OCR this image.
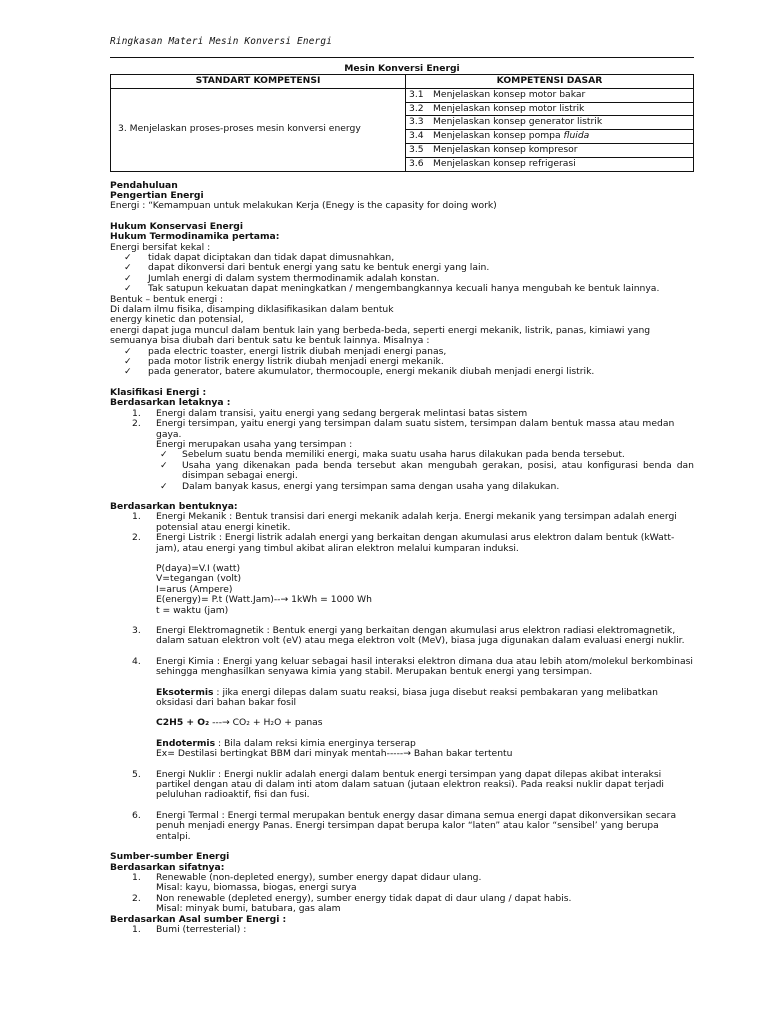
Ringkasan Materi Mesin Konversi Energi
Mesin Konversi Energi
STANDART KOMPETENSI	KOMPETENSI DASAR
3. Menjelaskan proses-proses mesin konversi energy	3.1 Menjelaskan konsep motor bakar
	3.2 Menjelaskan konsep motor listrik
	3.3 Menjelaskan konsep generator listrik
	3.4 Menjelaskan konsep pompa fluida
	3.5 Menjelaskan konsep kompresor
	3.6 Menjelaskan konsep refrigerasi
Pendahuluan
Pengertian Energi
Energi : “Kemampuan untuk melakukan Kerja (Enegy is the capasity for doing work)
Hukum Konservasi Energi
Hukum Termodinamika pertama:
Energi bersifat kekal :
✓ tidak dapat diciptakan dan tidak dapat dimusnahkan,
✓ dapat dikonversi dari bentuk energi yang satu ke bentuk energi yang lain.
✓ Jumlah energi di dalam system thermodinamik adalah konstan.
✓ Tak satupun kekuatan dapat meningkatkan / mengembangkannya kecuali hanya mengubah ke bentuk lainnya.
Bentuk – bentuk energi :
Di dalam ilmu fisika, disamping diklasifikasikan dalam bentuk
energy kinetic dan potensial,
energi dapat juga muncul dalam bentuk lain yang berbeda-beda, seperti energi mekanik, listrik, panas, kimiawi yang semuanya bisa diubah dari bentuk satu ke bentuk lainnya. Misalnya :
✓ pada electric toaster, energi listrik diubah menjadi energi panas,
✓ pada motor listrik energy listrik diubah menjadi energi mekanik.
✓ pada generator, batere akumulator, thermocouple, energi mekanik diubah menjadi energi listrik.
Klasifikasi Energi :
Berdasarkan letaknya :
1. Energi dalam transisi, yaitu energi yang sedang bergerak melintasi batas sistem
2. Energi tersimpan, yaitu energi yang tersimpan dalam suatu sistem, tersimpan dalam bentuk massa atau medan gaya.
Energi merupakan usaha yang tersimpan :
✓ Sebelum suatu benda memiliki energi, maka suatu usaha harus dilakukan pada benda tersebut.
✓ Usaha yang dikenakan pada benda tersebut akan mengubah gerakan, posisi, atau konfigurasi benda dan disimpan sebagai energi.
✓ Dalam banyak kasus, energi yang tersimpan sama dengan usaha yang dilakukan.
Berdasarkan bentuknya:
1. Energi Mekanik : Bentuk transisi dari energi mekanik adalah kerja. Energi mekanik yang tersimpan adalah energi potensial atau energi kinetik.
2. Energi Listrik : Energi listrik adalah energi yang berkaitan dengan akumulasi arus elektron dalam bentuk (kWatt-jam), atau energi yang timbul akibat aliran elektron melalui kumparan induksi.
P(daya)=V.I (watt)
V=tegangan (volt)
I=arus (Ampere)
E(energy)= P.t (Watt.Jam)--→ 1kWh = 1000 Wh
t = waktu (jam)
3. Energi Elektromagnetik : Bentuk energi yang berkaitan dengan akumulasi arus elektron radiasi elektromagnetik, dalam satuan elektron volt (eV) atau mega elektron volt (MeV), biasa juga digunakan dalam evaluasi energi nuklir.
4. Energi Kimia : Energi yang keluar sebagai hasil interaksi elektron dimana dua atau lebih atom/molekul berkombinasi sehingga menghasilkan senyawa kimia yang stabil. Merupakan bentuk energi yang tersimpan.
Eksotermis : jika energi dilepas dalam suatu reaksi, biasa juga disebut reaksi pembakaran yang melibatkan oksidasi dari bahan bakar fosil
C2H5 + O₂ ---→ CO₂ + H₂O + panas
Endotermis : Bila dalam reksi kimia energinya terserap
Ex= Destilasi bertingkat BBM dari minyak mentah-----→ Bahan bakar tertentu
5. Energi Nuklir : Energi nuklir adalah energi dalam bentuk energi tersimpan yang dapat dilepas akibat interaksi partikel dengan atau di dalam inti atom dalam satuan (jutaan elektron reaksi). Pada reaksi nuklir dapat terjadi peluluhan radioaktif, fisi dan fusi.
6. Energi Termal : Energi termal merupakan bentuk energy dasar dimana semua energi dapat dikonversikan secara penuh menjadi energy Panas. Energi tersimpan dapat berupa kalor “laten” atau kalor “sensibel’ yang berupa entalpi.
Sumber-sumber Energi
Berdasarkan sifatnya:
1. Renewable (non-depleted energy), sumber energy dapat didaur ulang.
Misal: kayu, biomassa, biogas, energi surya
2. Non renewable (depleted energy), sumber energy tidak dapat di daur ulang / dapat habis.
Misal: minyak bumi, batubara, gas alam
Berdasarkan Asal sumber Energi :
1. Bumi (terresterial) :
